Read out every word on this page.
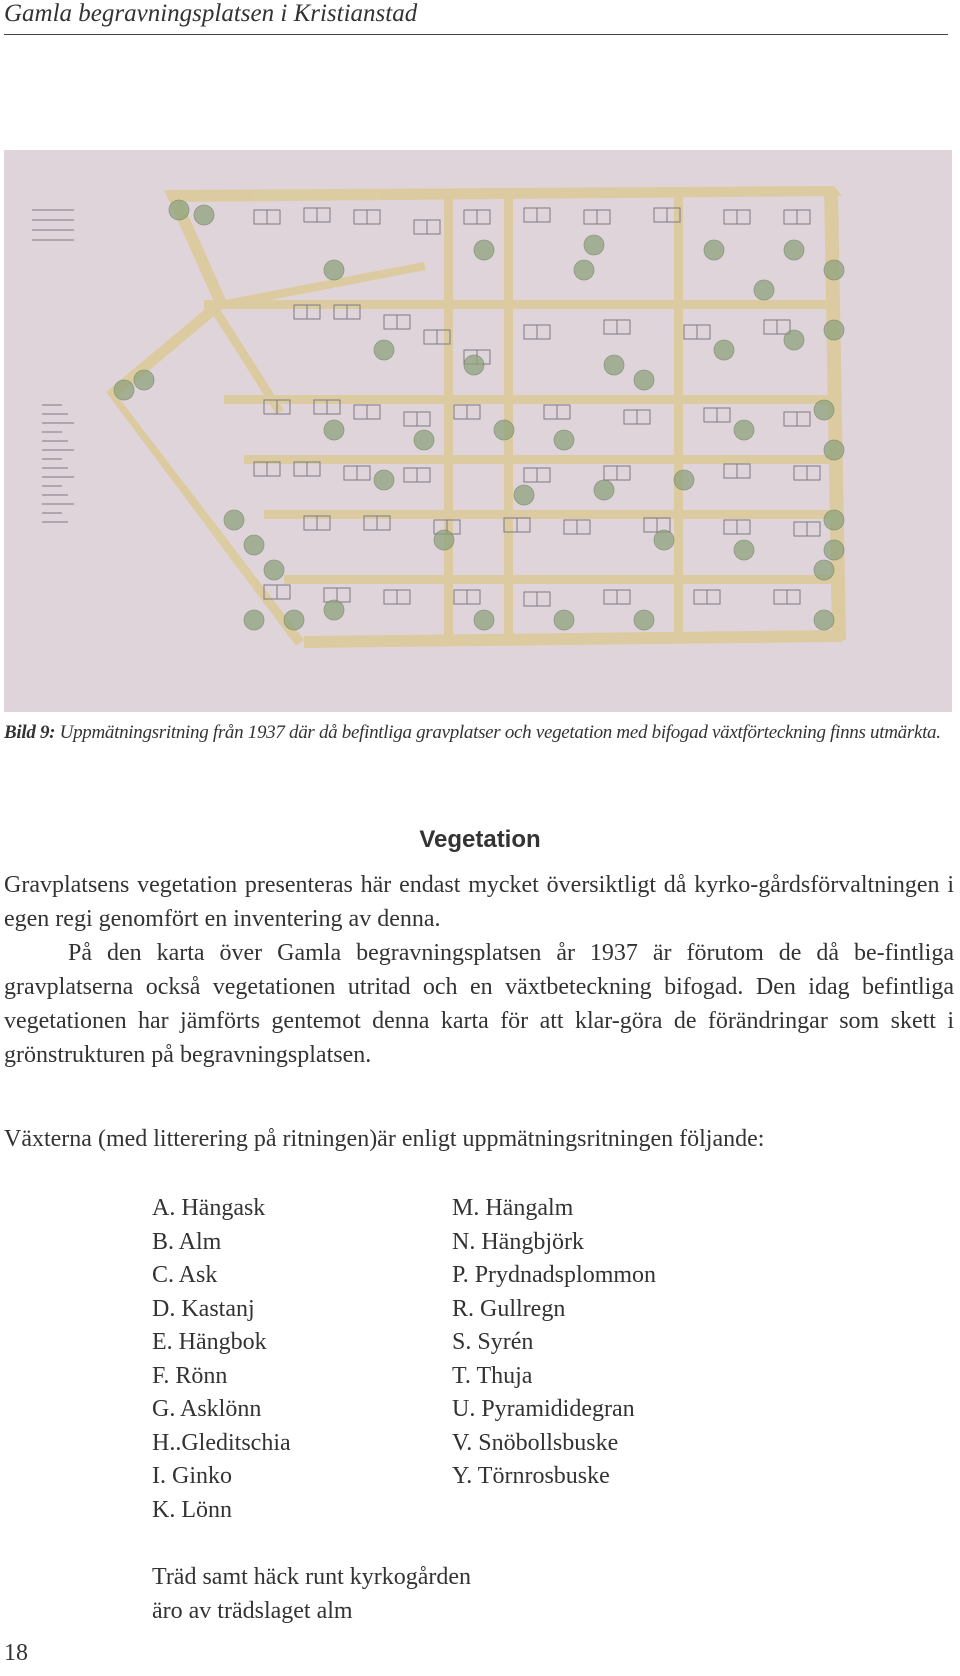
Gamla begravningsplatsen i Kristianstad
Bild 9: Uppmätningsritning från 1937 där då befintliga gravplatser och vegetation med bifogad växtförteckning finns utmärkta.
Vegetation
Gravplatsens vegetation presenteras här endast mycket översiktligt då kyrko-gårdsförvaltningen i egen regi genomfört en inventering av denna.
På den karta över Gamla begravningsplatsen år 1937 är förutom de då be-fintliga gravplatserna också vegetationen utritad och en växtbeteckning bifogad. Den idag befintliga vegetationen har jämförts gentemot denna karta för att klar-göra de förändringar som skett i grönstrukturen på begravningsplatsen.
Växterna (med litterering på ritningen)är enligt uppmätningsritningen följande:
A. Hängask
B. Alm
C. Ask
D. Kastanj
E. Hängbok
F. Rönn
G. Asklönn
H..Gleditschia
I. Ginko
K. Lönn
M. Hängalm
N. Hängbjörk
P. Prydnadsplommon
R. Gullregn
S. Syrén
T. Thuja
U. Pyramididegran
V. Snöbollsbuske
Y. Törnrosbuske
Träd samt häck runt kyrkogården
äro av trädslaget alm
18
